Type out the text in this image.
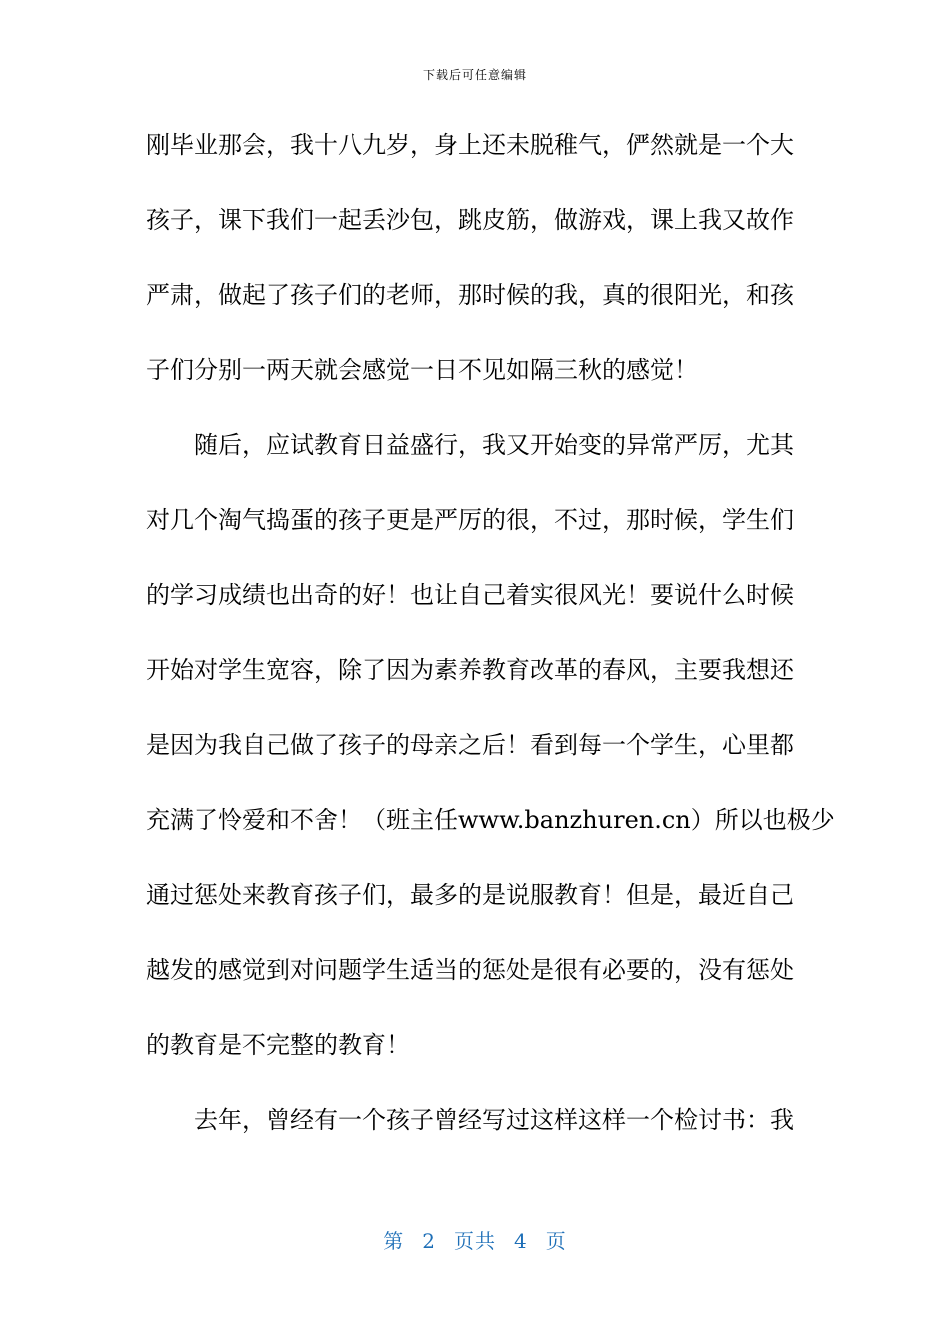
下载后可任意编辑
刚毕业那会，我十八九岁，身上还未脱稚气，俨然就是一个大
孩子，课下我们一起丢沙包，跳皮筋，做游戏，课上我又故作
严肃，做起了孩子们的老师，那时候的我，真的很阳光，和孩
子们分别一两天就会感觉一日不见如隔三秋的感觉！
随后，应试教育日益盛行，我又开始变的异常严厉，尤其
对几个淘气捣蛋的孩子更是严厉的很，不过，那时候，学生们
的学习成绩也出奇的好！也让自己着实很风光！要说什么时候
开始对学生宽容，除了因为素养教育改革的春风，主要我想还
是因为我自己做了孩子的母亲之后！看到每一个学生，心里都
充满了怜爱和不舍！（班主任www.banzhuren.cn）所以也极少
通过惩处来教育孩子们，最多的是说服教育！但是，最近自己
越发的感觉到对问题学生适当的惩处是很有必要的，没有惩处
的教育是不完整的教育！
去年，曾经有一个孩子曾经写过这样这样一个检讨书：我
第 2 页共 4 页
